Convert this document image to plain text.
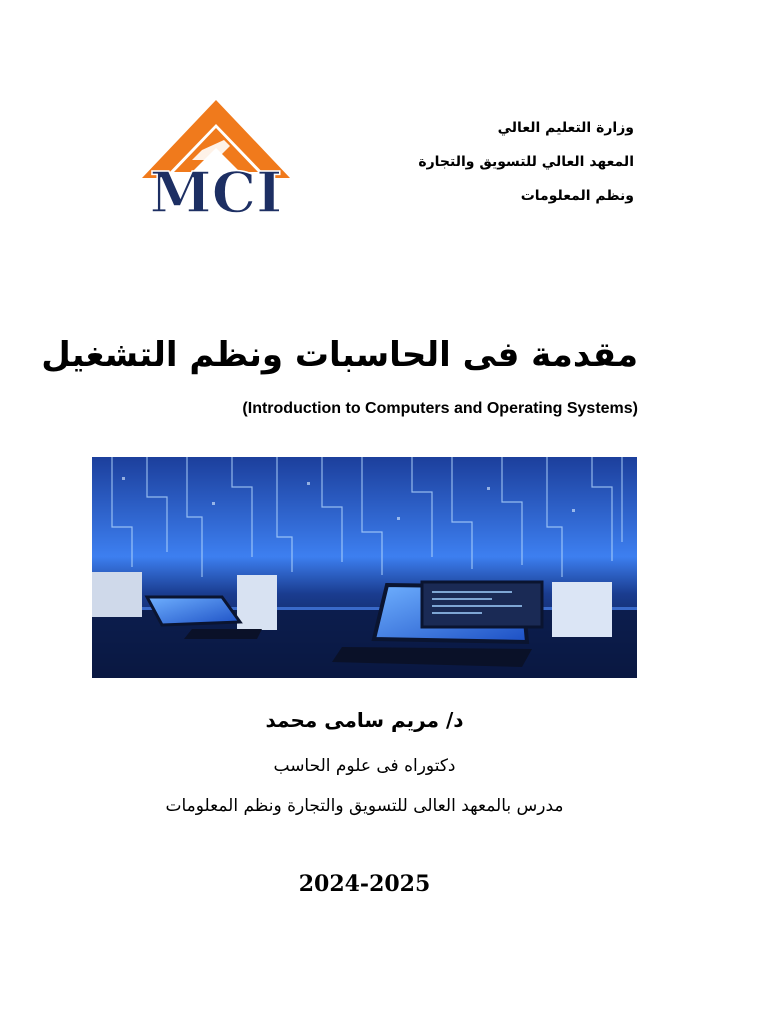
MCI
وزارة التعليم العالي
المعهد العالي للتسويق والتجارة
ونظم المعلومات
مقدمة فى الحاسبات ونظم التشغيل
(Introduction to Computers and Operating Systems)
د/ مريم سامى محمد
دكتوراه فى علوم الحاسب
مدرس بالمعهد العالى للتسويق والتجارة ونظم المعلومات
2024-2025
